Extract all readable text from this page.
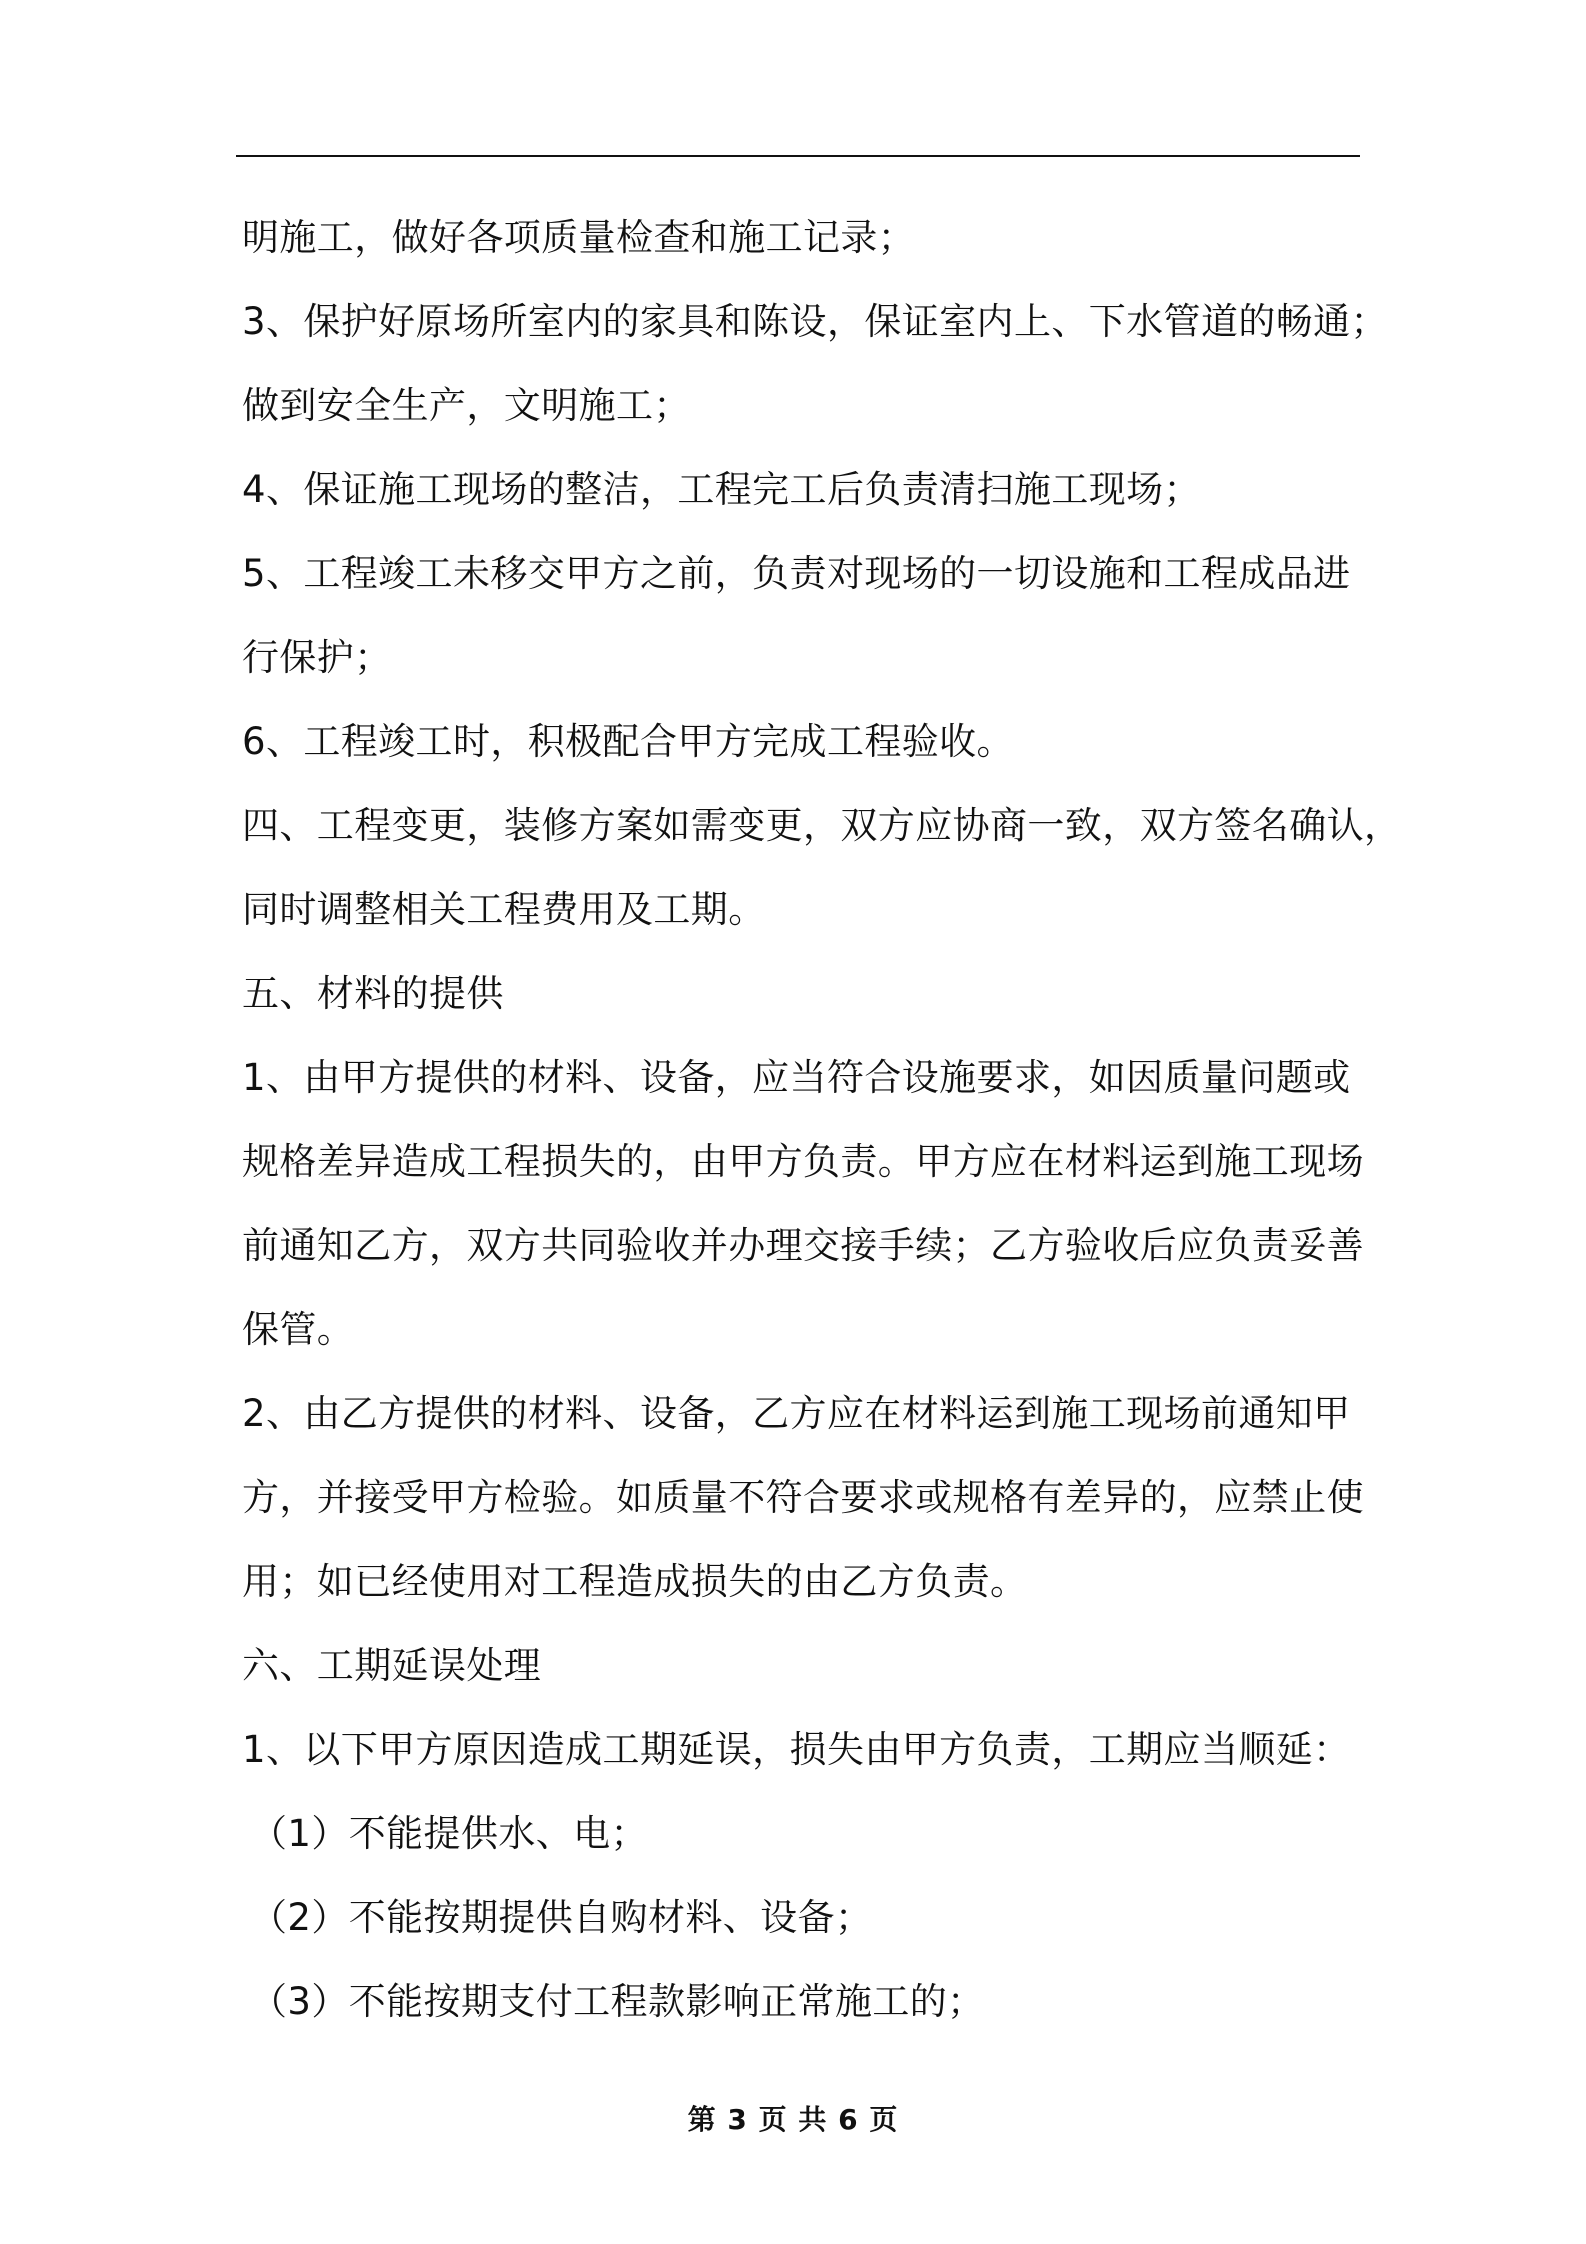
明施工，做好各项质量检查和施工记录；
3、保护好原场所室内的家具和陈设，保证室内上、下水管道的畅通；
做到安全生产，文明施工；
4、保证施工现场的整洁，工程完工后负责清扫施工现场；
5、工程竣工未移交甲方之前，负责对现场的一切设施和工程成品进
行保护；
6、工程竣工时，积极配合甲方完成工程验收。
四、工程变更，装修方案如需变更，双方应协商一致，双方签名确认，
同时调整相关工程费用及工期。
五、材料的提供
1、由甲方提供的材料、设备，应当符合设施要求，如因质量问题或
规格差异造成工程损失的，由甲方负责。甲方应在材料运到施工现场
前通知乙方，双方共同验收并办理交接手续；乙方验收后应负责妥善
保管。
2、由乙方提供的材料、设备，乙方应在材料运到施工现场前通知甲
方，并接受甲方检验。如质量不符合要求或规格有差异的，应禁止使
用；如已经使用对工程造成损失的由乙方负责。
六、工期延误处理
1、以下甲方原因造成工期延误，损失由甲方负责，工期应当顺延：
（1）不能提供水、电；
（2）不能按期提供自购材料、设备；
（3）不能按期支付工程款影响正常施工的；
第 3 页 共 6 页
